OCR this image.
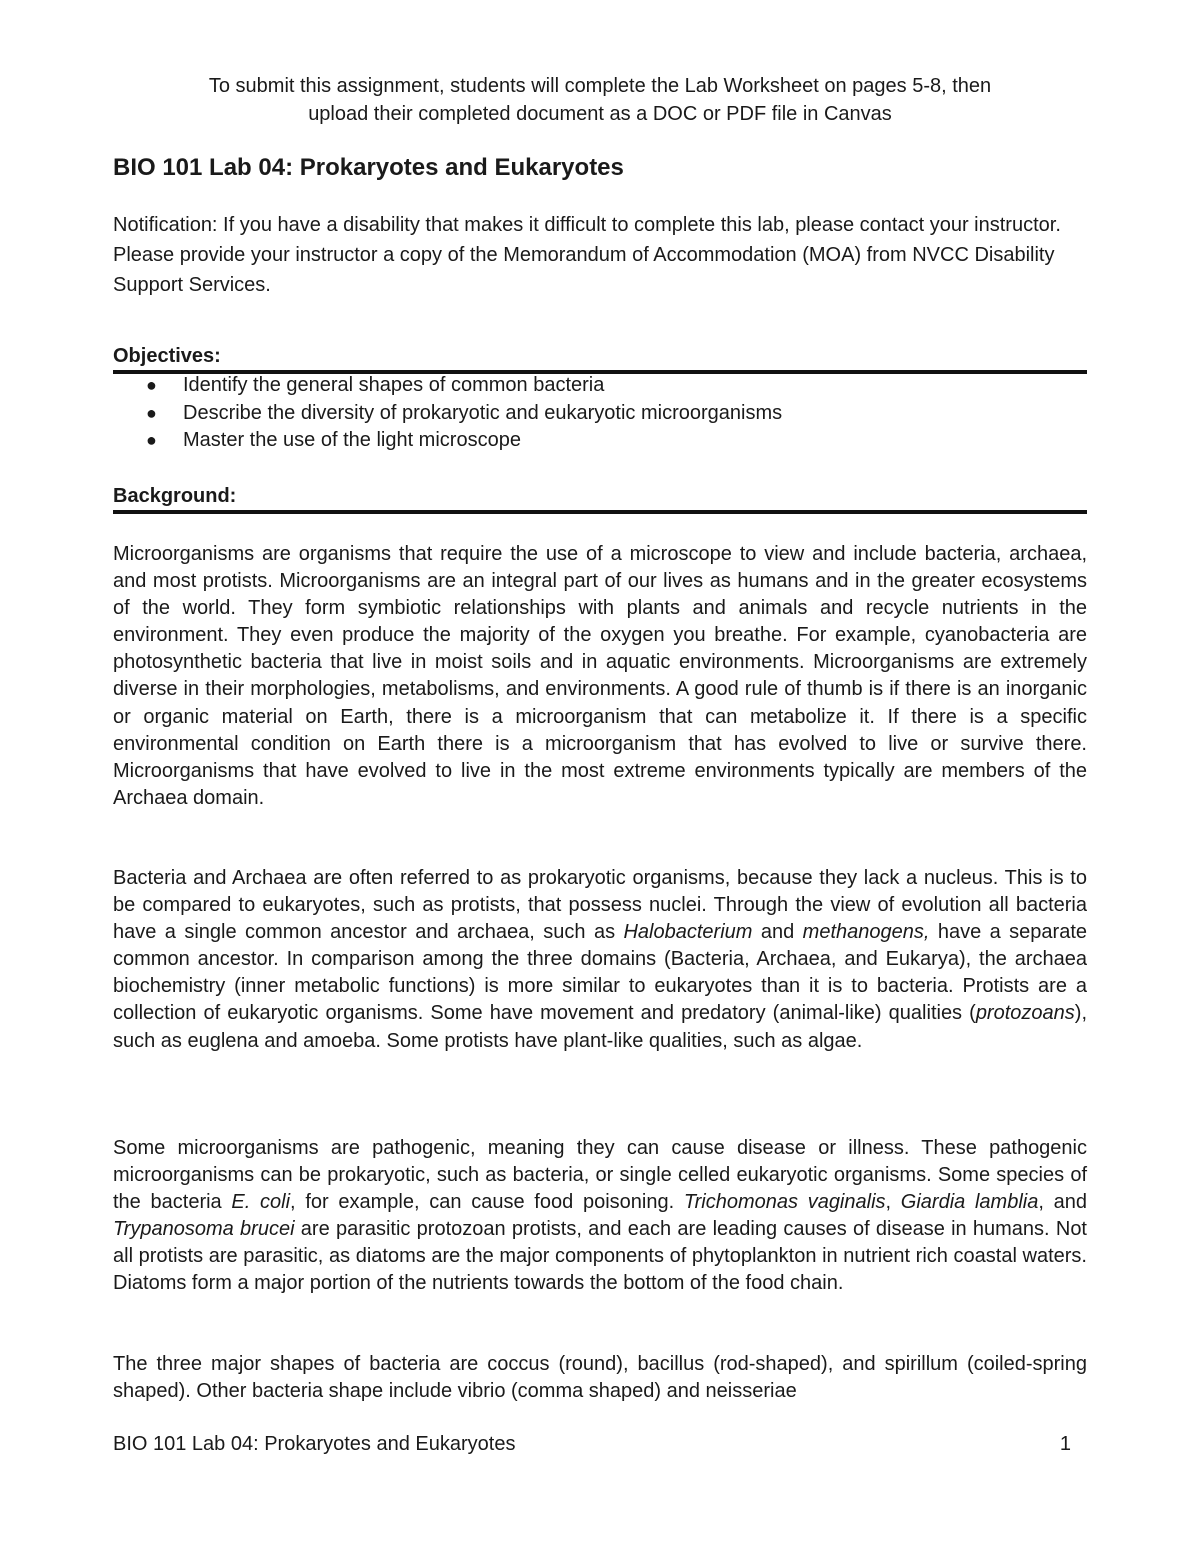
To submit this assignment, students will complete the Lab Worksheet on pages 5-8, then
upload their completed document as a DOC or PDF file in Canvas
BIO 101 Lab 04: Prokaryotes and Eukaryotes

Notification: If you have a disability that makes it difficult to complete this lab, please contact your instructor. Please provide your instructor a copy of the Memorandum of Accommodation (MOA) from NVCC Disability Support Services.

Objectives:
● Identify the general shapes of common bacteria
● Describe the diversity of prokaryotic and eukaryotic microorganisms
● Master the use of the light microscope
Background:

Microorganisms are organisms that require the use of a microscope to view and include bacteria, archaea, and most protists. Microorganisms are an integral part of our lives as humans and in the greater ecosystems of the world. They form symbiotic relationships with plants and animals and recycle nutrients in the environment. They even produce the majority of the oxygen you breathe. For example, cyanobacteria are photosynthetic bacteria that live in moist soils and in aquatic environments. Microorganisms are extremely diverse in their morphologies, metabolisms, and environments. A good rule of thumb is if there is an inorganic or organic material on Earth, there is a microorganism that can metabolize it. If there is a specific environmental condition on Earth there is a microorganism that has evolved to live or survive there. Microorganisms that have evolved to live in the most extreme environments typically are members of the Archaea domain.

Bacteria and Archaea are often referred to as prokaryotic organisms, because they lack a nucleus. This is to be compared to eukaryotes, such as protists, that possess nuclei. Through the view of evolution all bacteria have a single common ancestor and archaea, such as Halobacterium and methanogens, have a separate common ancestor. In comparison among the three domains (Bacteria, Archaea, and Eukarya), the archaea biochemistry (inner metabolic functions) is more similar to eukaryotes than it is to bacteria. Protists are a collection of eukaryotic organisms. Some have movement and predatory (animal-like) qualities (protozoans), such as euglena and amoeba. Some protists have plant-like qualities, such as algae.

Some microorganisms are pathogenic, meaning they can cause disease or illness. These pathogenic microorganisms can be prokaryotic, such as bacteria, or single celled eukaryotic organisms. Some species of the bacteria E. coli, for example, can cause food poisoning. Trichomonas vaginalis, Giardia lamblia, and Trypanosoma brucei are parasitic protozoan protists, and each are leading causes of disease in humans. Not all protists are parasitic, as diatoms are the major components of phytoplankton in nutrient rich coastal waters. Diatoms form a major portion of the nutrients towards the bottom of the food chain.

The three major shapes of bacteria are coccus (round), bacillus (rod-shaped), and spirillum (coiled-spring shaped). Other bacteria shape include vibrio (comma shaped) and neisseriae

BIO 101 Lab 04: Prokaryotes and Eukaryotes	1
